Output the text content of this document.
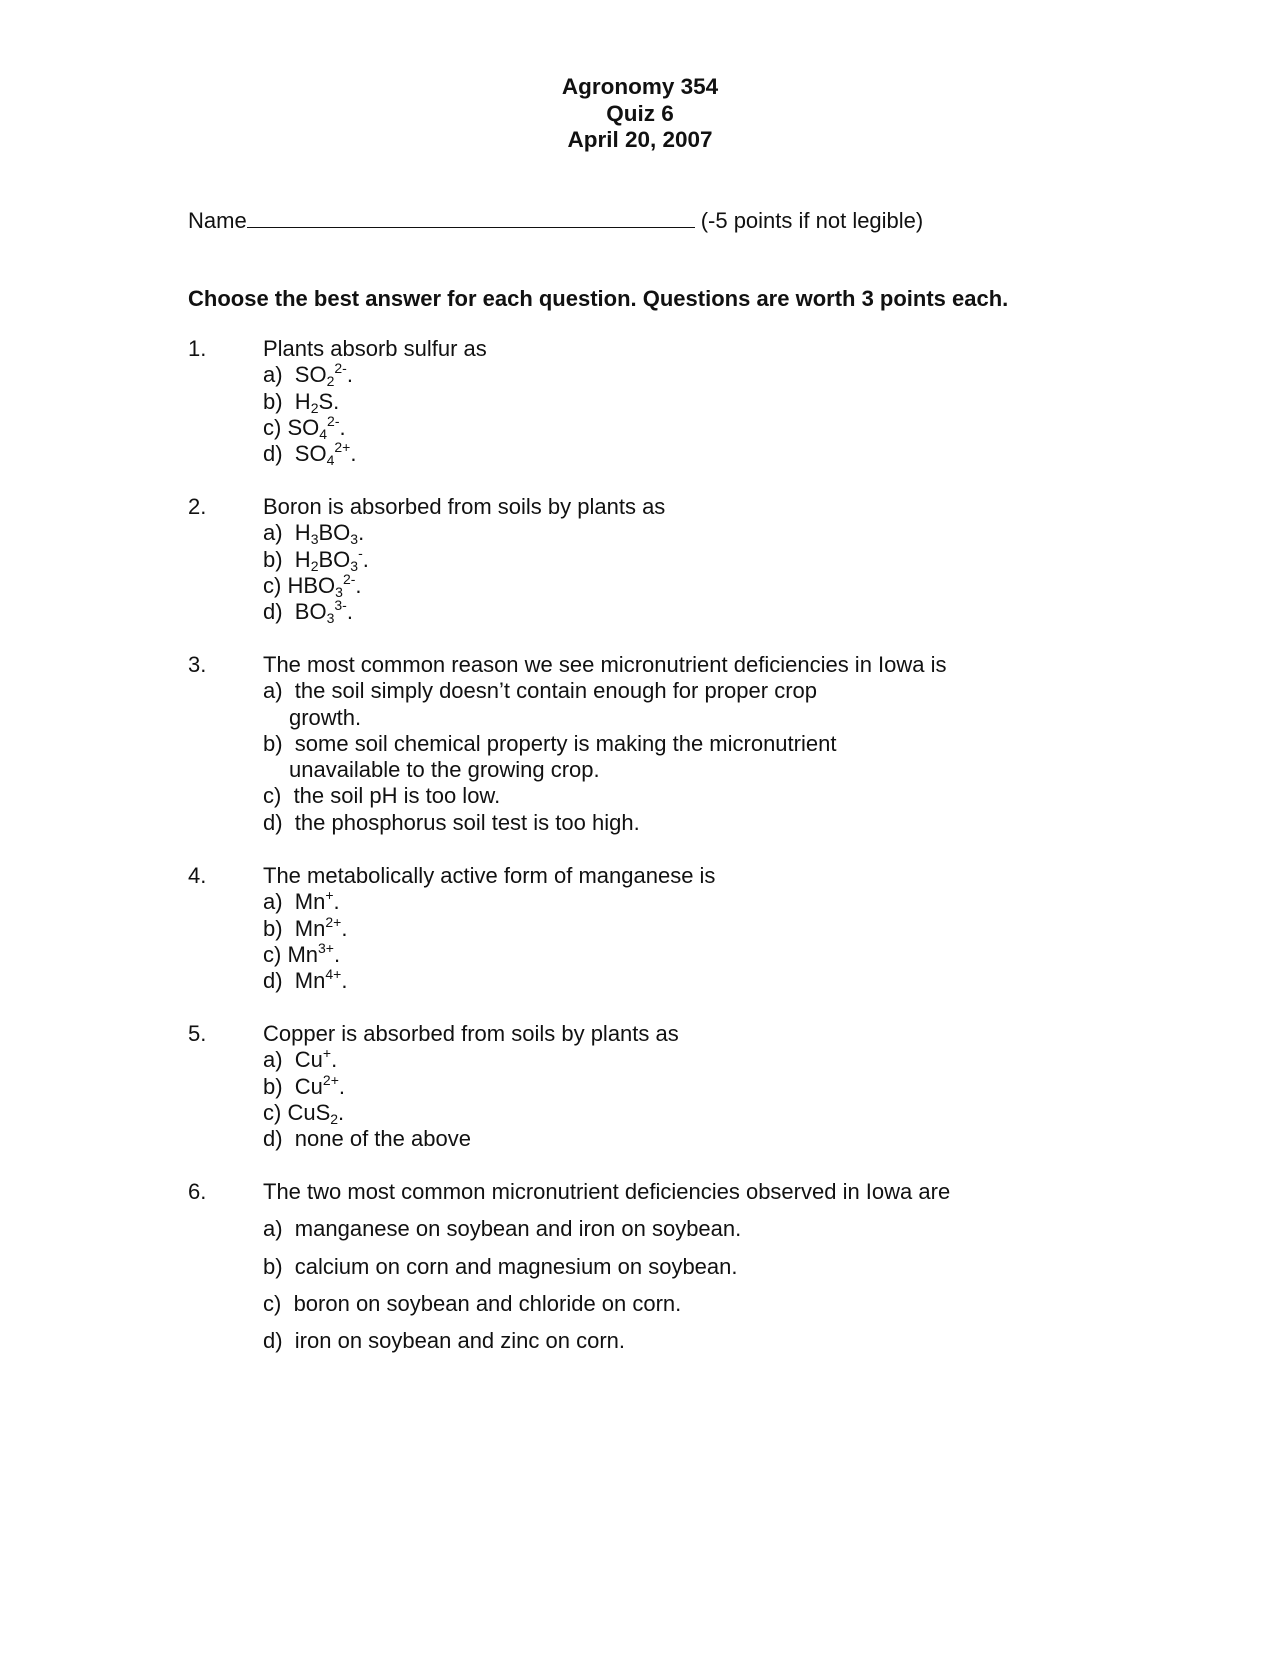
Agronomy 354
Quiz 6
April 20, 2007
Name	(-5 points if not legible)
Choose the best answer for each question. Questions are worth 3 points each.
1.	Plants absorb sulfur as
a) $SO_2^{2-}$.
b) $H_2S$.
c) $SO_4^{2-}$.
d) $SO_4^{2+}$.
2.	Boron is absorbed from soils by plants as
a) $H_3BO_3$.
b) $H_2BO_3^-$.
c) $HBO_3^{2-}$.
d) $BO_3^{3-}$.
3.	The most common reason we see micronutrient deficiencies in Iowa is
a) the soil simply doesn’t contain enough for proper crop growth.
b) some soil chemical property is making the micronutrient unavailable to the growing crop.
c) the soil pH is too low.
d) the phosphorus soil test is too high.
4.	The metabolically active form of manganese is
a) Mn+.
b) $Mn^{2+}$.
c) $Mn^{3+}$.
d) $Mn^{4+}$.
5.	Copper is absorbed from soils by plants as
a) Cu+.
b) $Cu^{2+}$.
c) CuS$_2$.
d) none of the above
6.	The two most common micronutrient deficiencies observed in Iowa are
a) manganese on soybean and iron on soybean.
b) calcium on corn and magnesium on soybean.
c) boron on soybean and chloride on corn.
d) iron on soybean and zinc on corn.
